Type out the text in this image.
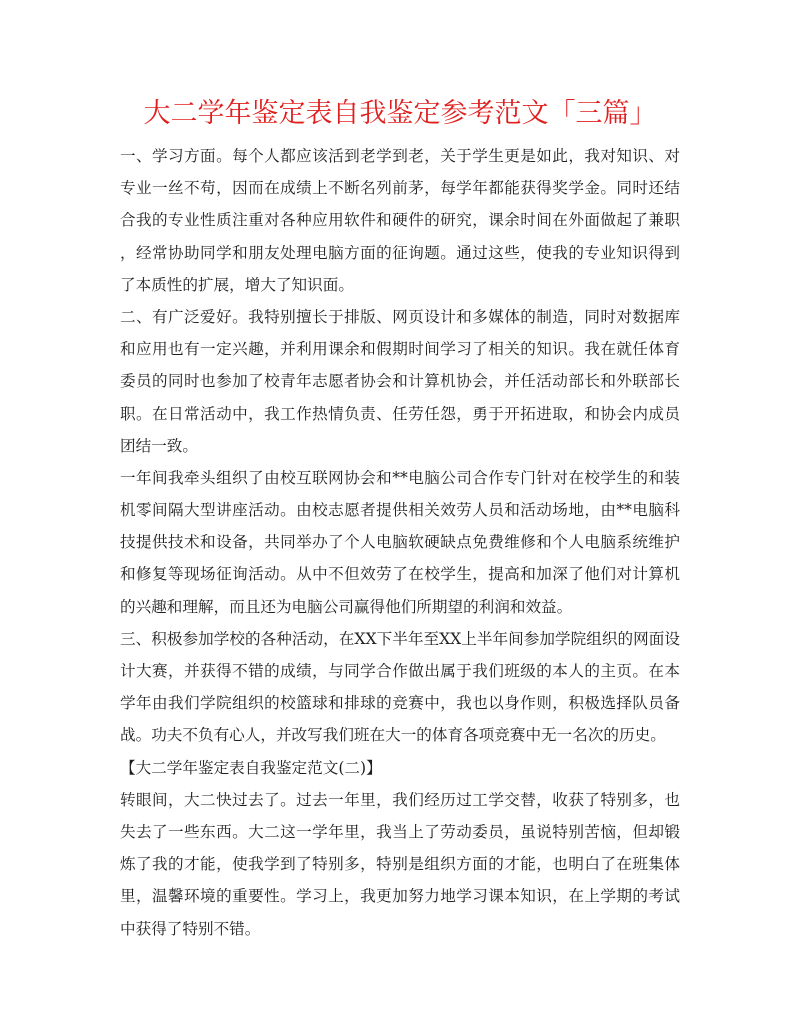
大二学年鉴定表自我鉴定参考范文「三篇」
一、学习方面。每个人都应该活到老学到老，关于学生更是如此，我对知识、对
专业一丝不苟，因而在成绩上不断名列前茅，每学年都能获得奖学金。同时还结
合我的专业性质注重对各种应用软件和硬件的研究，课余时间在外面做起了兼职
，经常协助同学和朋友处理电脑方面的征询题。通过这些，使我的专业知识得到
了本质性的扩展，增大了知识面。
二、有广泛爱好。我特别擅长于排版、网页设计和多媒体的制造，同时对数据库
和应用也有一定兴趣，并利用课余和假期时间学习了相关的知识。我在就任体育
委员的同时也参加了校青年志愿者协会和计算机协会，并任活动部长和外联部长
职。在日常活动中，我工作热情负责、任劳任怨，勇于开拓进取，和协会内成员
团结一致。
一年间我牵头组织了由校互联网协会和**电脑公司合作专门针对在校学生的和装
机零间隔大型讲座活动。由校志愿者提供相关效劳人员和活动场地，由**电脑科
技提供技术和设备，共同举办了个人电脑软硬缺点免费维修和个人电脑系统维护
和修复等现场征询活动。从中不但效劳了在校学生，提高和加深了他们对计算机
的兴趣和理解，而且还为电脑公司赢得他们所期望的利润和效益。
三、积极参加学校的各种活动，在XX下半年至XX上半年间参加学院组织的网面设
计大赛，并获得不错的成绩，与同学合作做出属于我们班级的本人的主页。在本
学年由我们学院组织的校篮球和排球的竞赛中，我也以身作则，积极选择队员备
战。功夫不负有心人，并改写我们班在大一的体育各项竞赛中无一名次的历史。
【大二学年鉴定表自我鉴定范文(二)】
转眼间，大二快过去了。过去一年里，我们经历过工学交替，收获了特别多，也
失去了一些东西。大二这一学年里，我当上了劳动委员，虽说特别苦恼，但却锻
炼了我的才能，使我学到了特别多，特别是组织方面的才能，也明白了在班集体
里，温馨环境的重要性。学习上，我更加努力地学习课本知识，在上学期的考试
中获得了特别不错。
